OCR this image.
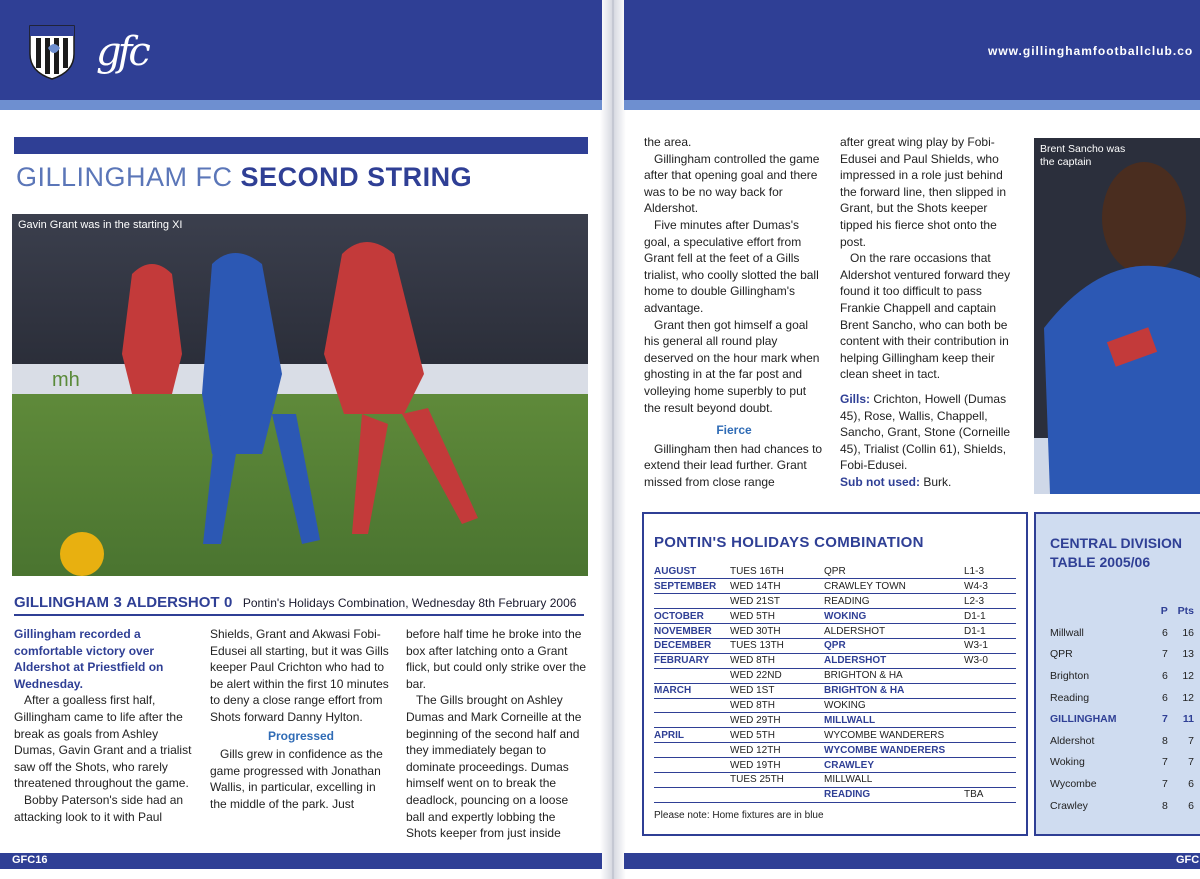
gfc	www.gillinghamfootballclub.co
GILLINGHAM FC SECOND STRING
mh
Gavin Grant was in the starting XI
GILLINGHAM 3 ALDERSHOT 0 Pontin's Holidays Combination, Wednesday 8th February 2006

Gillingham recorded a comfortable victory over Aldershot at Priestfield on Wednesday.

After a goalless first half, Gillingham came to life after the break as goals from Ashley Dumas, Gavin Grant and a trialist saw off the Shots, who rarely threatened throughout the game.

Bobby Paterson's side had an attacking look to it with Paul

Shields, Grant and Akwasi Fobi-Edusei all starting, but it was Gills keeper Paul Crichton who had to be alert within the first 10 minutes to deny a close range effort from Shots forward Danny Hylton.

Progressed

Gills grew in confidence as the game progressed with Jonathan Wallis, in particular, excelling in the middle of the park. Just

before half time he broke into the box after latching onto a Grant flick, but could only strike over the bar.

The Gills brought on Ashley Dumas and Mark Corneille at the beginning of the second half and they immediately began to dominate proceedings. Dumas himself went on to break the deadlock, pouncing on a loose ball and expertly lobbing the Shots keeper from just inside

GFC16

the area.

Gillingham controlled the game after that opening goal and there was to be no way back for Aldershot.

Five minutes after Dumas's goal, a speculative effort from Grant fell at the feet of a Gills trialist, who coolly slotted the ball home to double Gillingham's advantage.

Grant then got himself a goal his general all round play deserved on the hour mark when ghosting in at the far post and volleying home superbly to put the result beyond doubt.

Fierce

Gillingham then had chances to extend their lead further. Grant missed from close range

after great wing play by Fobi-Edusei and Paul Shields, who impressed in a role just behind the forward line, then slipped in Grant, but the Shots keeper tipped his fierce shot onto the post.

On the rare occasions that Aldershot ventured forward they found it too difficult to pass Frankie Chappell and captain Brent Sancho, who can both be content with their contribution in helping Gillingham keep their clean sheet in tact.

Gills: Crichton, Howell (Dumas 45), Rose, Wallis, Chappell, Sancho, Grant, Stone (Corneille 45), Trialist (Collin 61), Shields, Fobi-Edusei.

Sub not used: Burk.

Brent Sancho was the captain
PONTIN'S HOLIDAYS COMBINATION
AUGUST	TUES 16TH	QPR	L1-3
SEPTEMBER	WED 14TH	CRAWLEY TOWN	W4-3
	WED 21ST	READING	L2-3
OCTOBER	WED 5TH	WOKING	D1-1
NOVEMBER	WED 30TH	ALDERSHOT	D1-1
DECEMBER	TUES 13TH	QPR	W3-1
FEBRUARY	WED 8TH	ALDERSHOT	W3-0
	WED 22ND	BRIGHTON & HA	
MARCH	WED 1ST	BRIGHTON & HA	
	WED 8TH	WOKING	
	WED 29TH	MILLWALL	
APRIL	WED 5TH	WYCOMBE WANDERERS	
	WED 12TH	WYCOMBE WANDERERS	
	WED 19TH	CRAWLEY	
	TUES 25TH	MILLWALL	
		READING	TBA
Please note: Home fixtures are in blue
CENTRAL DIVISION TABLE 2005/06
	P	Pts
Millwall	6	16
QPR	7	13
Brighton	6	12
Reading	6	12
GILLINGHAM	7	11
Aldershot	8	7
Woking	7	7
Wycombe	7	6
Crawley	8	6
GFC
